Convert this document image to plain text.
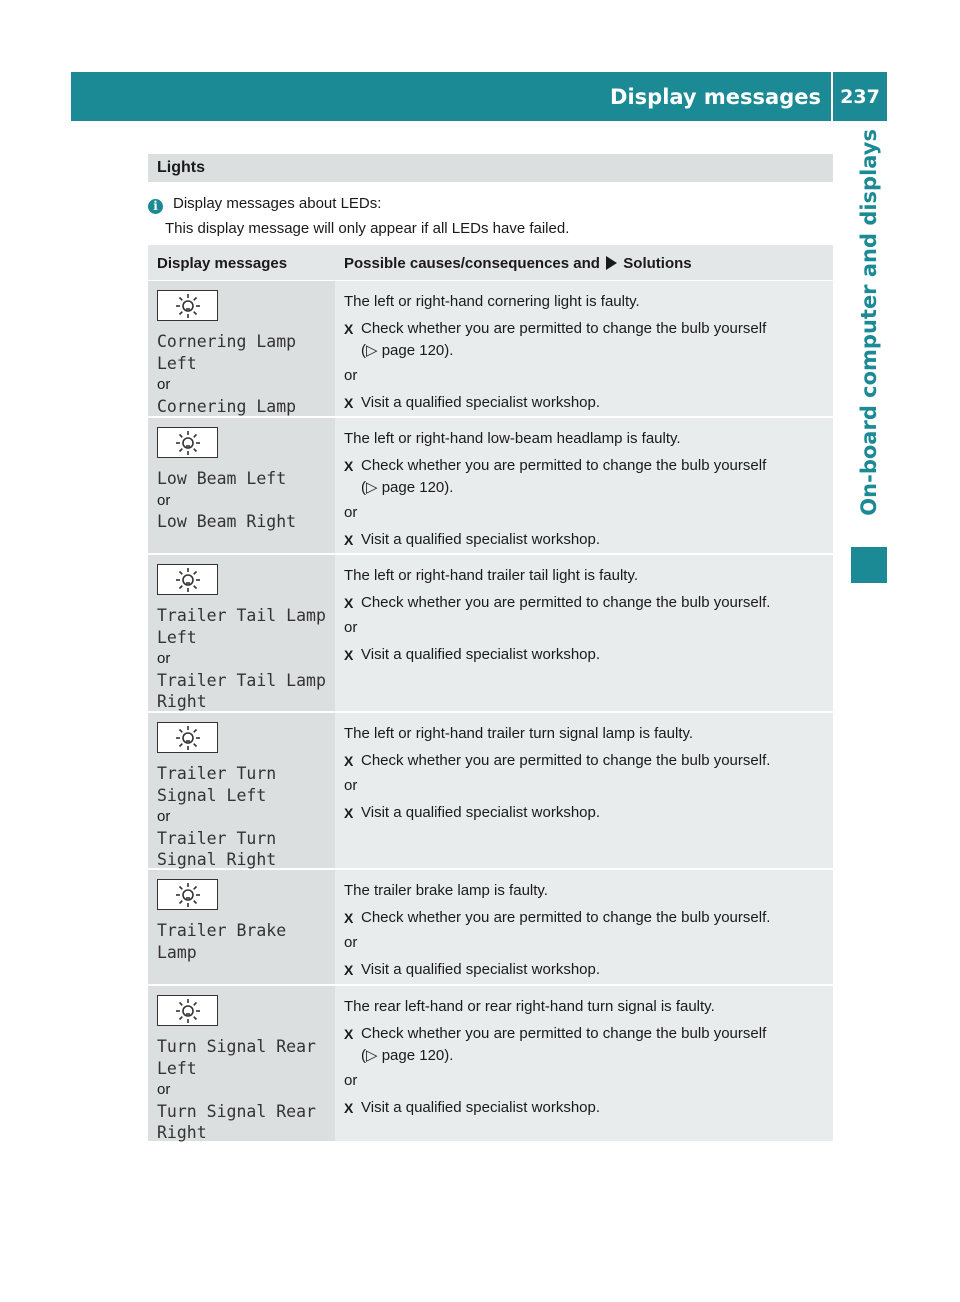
Display messages	237
On-board computer and displays
Lights
i Display messages about LEDs:
This display message will only appear if all LEDs have failed.
Display messages	Possible causes/consequences and Solutions
Cornering Lamp Left
or
Cornering Lamp
The left or right-hand cornering light is faulty.
X Check whether you are permitted to change the bulb yourself
(▷ page 120).
or
X Visit a qualified specialist workshop.
Low Beam Left
or
Low Beam Right
The left or right-hand low-beam headlamp is faulty.
X Check whether you are permitted to change the bulb yourself
(▷ page 120).
or
X Visit a qualified specialist workshop.
Trailer Tail Lamp
Left
or
Trailer Tail Lamp
Right
The left or right-hand trailer tail light is faulty.
X Check whether you are permitted to change the bulb yourself.
or
X Visit a qualified specialist workshop.
Trailer Turn
Signal Left
or
Trailer Turn
Signal Right
The left or right-hand trailer turn signal lamp is faulty.
X Check whether you are permitted to change the bulb yourself.
or
X Visit a qualified specialist workshop.
Trailer Brake Lamp
The trailer brake lamp is faulty.
X Check whether you are permitted to change the bulb yourself.
or
X Visit a qualified specialist workshop.
Turn Signal Rear
Left
or
Turn Signal Rear
Right
The rear left-hand or rear right-hand turn signal is faulty.
X Check whether you are permitted to change the bulb yourself
(▷ page 120).
or
X Visit a qualified specialist workshop.
